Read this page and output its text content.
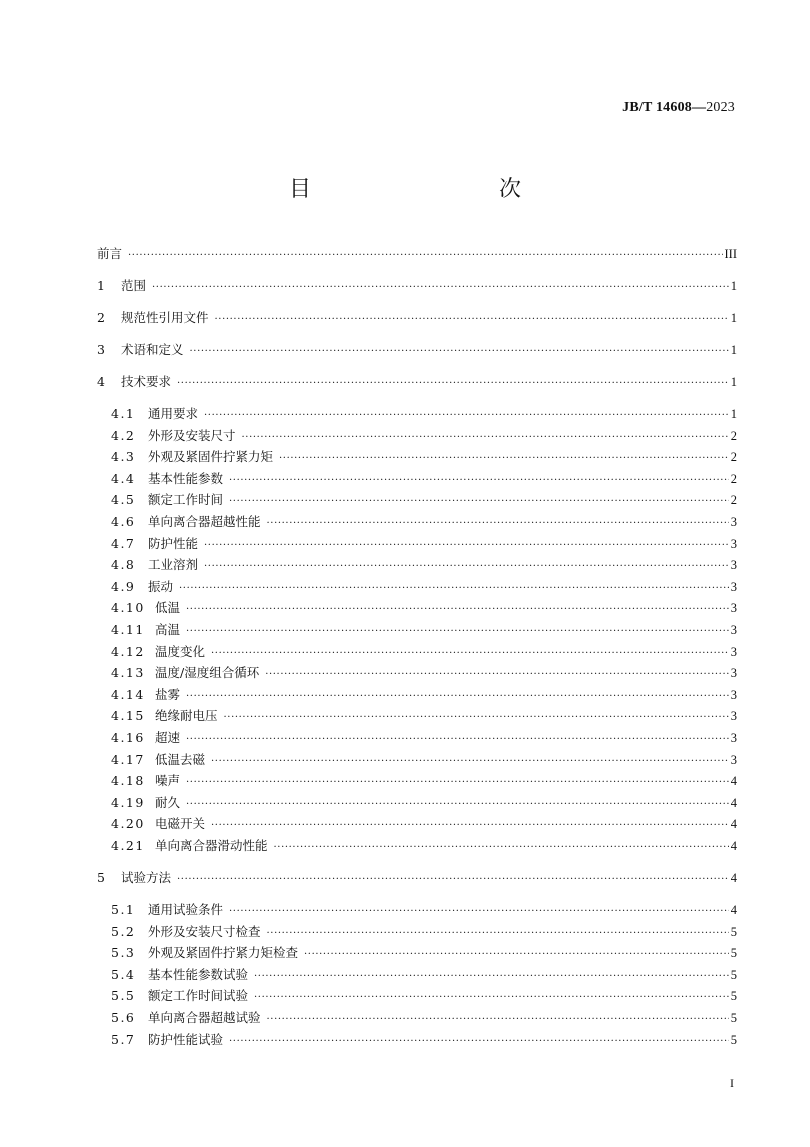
JB/T 14608—2023
目　　次
前言 ·····	III
1	范围 ·····	1
2	规范性引用文件 ·····	1
3	术语和定义 ·····	1
4	技术要求 ·····	1
4.1	通用要求 ·····	1
4.2	外形及安装尺寸 ·····	2
4.3	外观及紧固件拧紧力矩 ·····	2
4.4	基本性能参数 ·····	2
4.5	额定工作时间 ·····	2
4.6	单向离合器超越性能 ·····	3
4.7	防护性能 ·····	3
4.8	工业溶剂 ·····	3
4.9	振动 ·····	3
4.10 低温 ·····	3
4.11 高温 ·····	3
4.12 温度变化 ·····	3
4.13 温度/湿度组合循环 ·····	3
4.14 盐雾 ·····	3
4.15 绝缘耐电压 ·····	3
4.16 超速 ·····	3
4.17 低温去磁 ·····	3
4.18 噪声 ·····	4
4.19 耐久 ·····	4
4.20 电磁开关 ·····	4
4.21 单向离合器滑动性能 ·····	4
5	试验方法 ·····	4
5.1	通用试验条件 ·····	4
5.2	外形及安装尺寸检查 ·····	5
5.3	外观及紧固件拧紧力矩检查 ·····	5
5.4	基本性能参数试验 ·····	5
5.5	额定工作时间试验 ·····	5
5.6	单向离合器超越试验 ·····	5
5.7	防护性能试验 ·····	5
I
